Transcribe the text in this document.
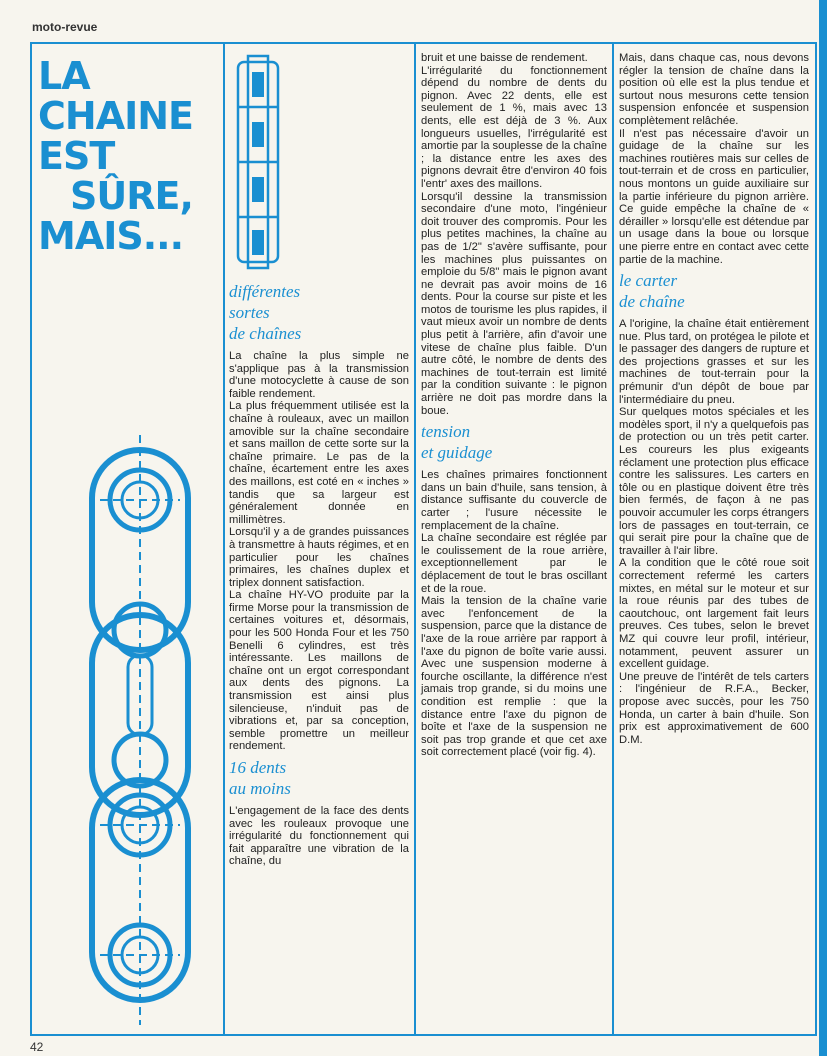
moto-revue
LA
CHAINE
EST
SÛRE,
MAIS...
différentes
sortes
de chaînes

La chaîne la plus simple ne s'applique pas à la transmission d'une motocyclette à cause de son faible rendement.

La plus fréquemment utilisée est la chaîne à rouleaux, avec un maillon amovible sur la chaîne secondaire et sans maillon de cette sorte sur la chaîne primaire. Le pas de la chaîne, écartement entre les axes des maillons, est coté en « inches » tandis que sa largeur est généralement donnée en millimètres.

Lorsqu'il y a de grandes puissances à transmettre à hauts régimes, et en particulier pour les chaînes primaires, les chaînes duplex et triplex donnent satisfaction.

La chaîne HY-VO produite par la firme Morse pour la transmission de certaines voitures et, désormais, pour les 500 Honda Four et les 750 Benelli 6 cylindres, est très intéressante. Les maillons de chaîne ont un ergot correspondant aux dents des pignons. La transmission est ainsi plus silencieuse, n'induit pas de vibrations et, par sa conception, semble promettre un meilleur rendement.

16 dents
au moins

L'engagement de la face des dents avec les rouleaux provoque une irrégularité du fonctionnement qui fait apparaître une vibration de la chaîne, du

bruit et une baisse de rendement.

L'irrégularité du fonctionnement dépend du nombre de dents du pignon. Avec 22 dents, elle est seulement de 1 %, mais avec 13 dents, elle est déjà de 3 %. Aux longueurs usuelles, l'irrégularité est amortie par la souplesse de la chaîne ; la distance entre les axes des pignons devrait être d'environ 40 fois l'entr' axes des maillons.

Lorsqu'il dessine la transmission secondaire d'une moto, l'ingénieur doit trouver des compromis. Pour les plus petites machines, la chaîne au pas de 1/2" s'avère suffisante, pour les machines plus puissantes on emploie du 5/8" mais le pignon avant ne devrait pas avoir moins de 16 dents. Pour la course sur piste et les motos de tourisme les plus rapides, il vaut mieux avoir un nombre de dents plus petit à l'arrière, afin d'avoir une vitese de chaîne plus faible. D'un autre côté, le nombre de dents des machines de tout-terrain est limité par la condition suivante : le pignon arrière ne doit pas mordre dans la boue.

tension
et guidage

Les chaînes primaires fonctionnent dans un bain d'huile, sans tension, à distance suffisante du couvercle de carter ; l'usure nécessite le remplacement de la chaîne.

La chaîne secondaire est réglée par le coulissement de la roue arrière, exceptionnellement par le déplacement de tout le bras oscillant et de la roue.

Mais la tension de la chaîne varie avec l'enfoncement de la suspension, parce que la distance de l'axe de la roue arrière par rapport à l'axe du pignon de boîte varie aussi. Avec une suspension moderne à fourche oscillante, la différence n'est jamais trop grande, si du moins une condition est remplie : que la distance entre l'axe du pignon de boîte et l'axe de la suspension ne soit pas trop grande et que cet axe soit correctement placé (voir fig. 4).

Mais, dans chaque cas, nous devons régler la tension de chaîne dans la position où elle est la plus tendue et surtout nous mesurons cette tension suspension enfoncée et suspension complètement relâchée.

Il n'est pas nécessaire d'avoir un guidage de la chaîne sur les machines routières mais sur celles de tout-terrain et de cross en particulier, nous montons un guide auxiliaire sur la partie inférieure du pignon arrière. Ce guide empêche la chaîne de « dérailler » lorsqu'elle est détendue par un usage dans la boue ou lorsque une pierre entre en contact avec cette partie de la machine.

le carter
de chaîne

A l'origine, la chaîne était entièrement nue. Plus tard, on protégea le pilote et le passager des dangers de rupture et des projections grasses et sur les machines de tout-terrain pour la prémunir d'un dépôt de boue par l'intermédiaire du pneu.

Sur quelques motos spéciales et les modèles sport, il n'y a quelquefois pas de protection ou un très petit carter. Les coureurs les plus exigeants réclament une protection plus efficace contre les salissures. Les carters en tôle ou en plastique doivent être très bien fermés, de façon à ne pas pouvoir accumuler les corps étrangers lors de passages en tout-terrain, ce qui serait pire pour la chaîne que de travailler à l'air libre.

A la condition que le côté roue soit correctement refermé les carters mixtes, en métal sur le moteur et sur la roue réunis par des tubes de caoutchouc, ont largement fait leurs preuves. Ces tubes, selon le brevet MZ qui couvre leur profil, intérieur, notamment, peuvent assurer un excellent guidage.

Une preuve de l'intérêt de tels carters : l'ingénieur de R.F.A., Becker, propose avec succès, pour les 750 Honda, un carter à bain d'huile. Son prix est approximativement de 600 D.M.

42
